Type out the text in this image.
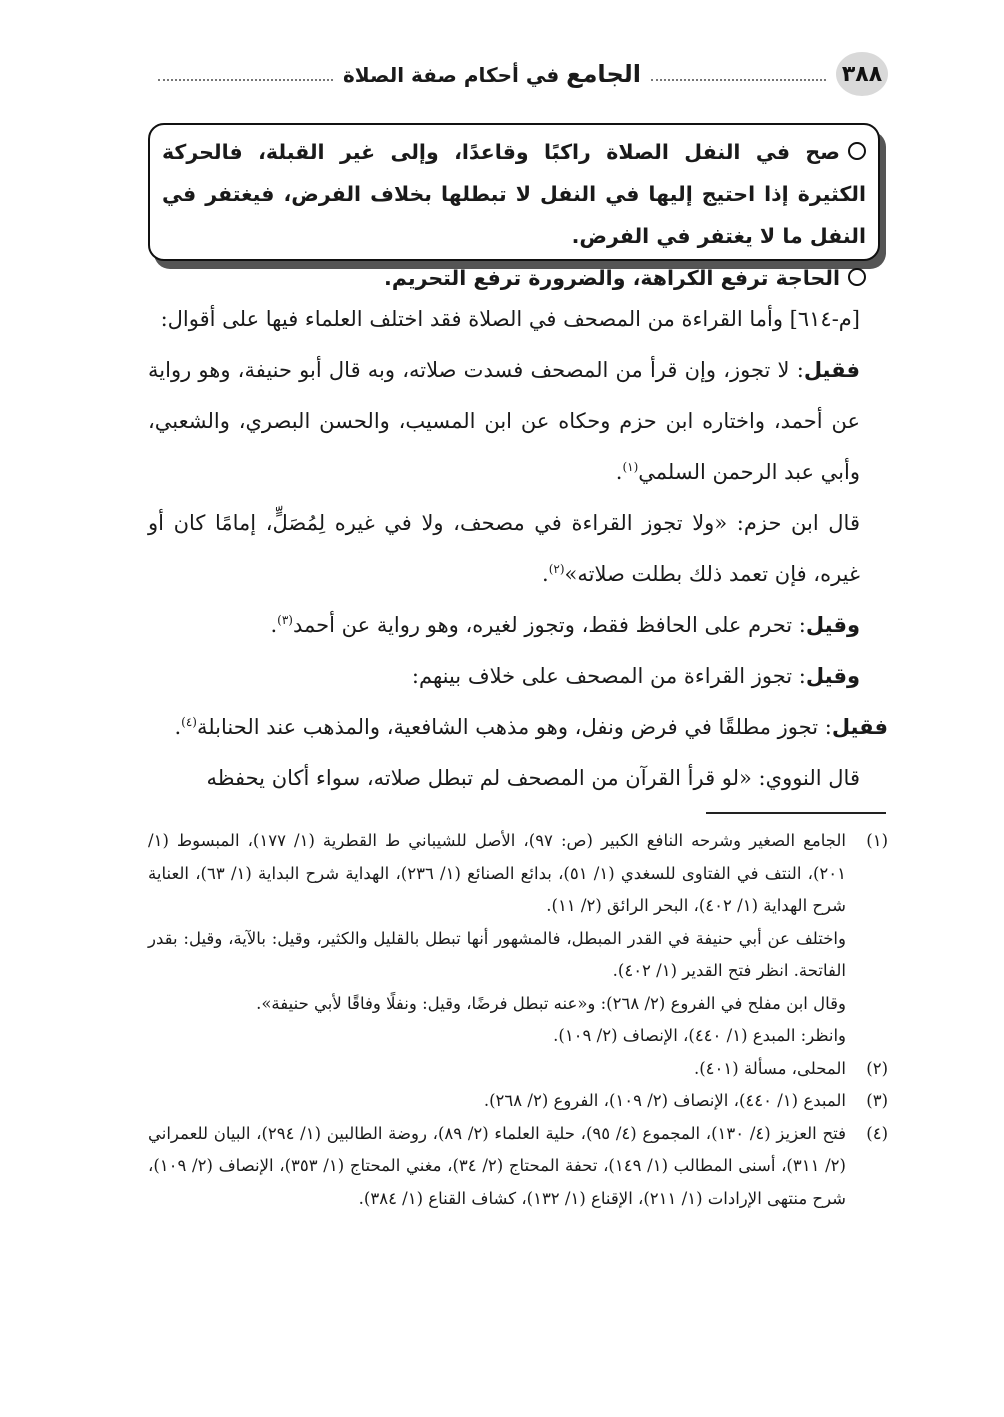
٣٨٨
الجامع في أحكام صفة الصلاة

صح في النفل الصلاة راكبًا وقاعدًا، وإلى غير القبلة، فالحركة الكثيرة إذا احتيج إليها في النفل لا تبطلها بخلاف الفرض، فيغتفر في النفل ما لا يغتفر في الفرض.

الحاجة ترفع الكراهة، والضرورة ترفع التحريم.

[م-٦١٤] وأما القراءة من المصحف في الصلاة فقد اختلف العلماء فيها على أقوال:

فقيل: لا تجوز، وإن قرأ من المصحف فسدت صلاته، وبه قال أبو حنيفة، وهو رواية عن أحمد، واختاره ابن حزم وحكاه عن ابن المسيب، والحسن البصري، والشعبي، وأبي عبد الرحمن السلمي$^{(١)}$.

قال ابن حزم: «ولا تجوز القراءة في مصحف، ولا في غيره لِمُصَلٍّ، إمامًا كان أو غيره، فإن تعمد ذلك بطلت صلاته»$^{(٢)}$.

وقيل: تحرم على الحافظ فقط، وتجوز لغيره، وهو رواية عن أحمد$^{(٣)}$.

وقيل: تجوز القراءة من المصحف على خلاف بينهم:

فقيل: تجوز مطلقًا في فرض ونفل، وهو مذهب الشافعية، والمذهب عند الحنابلة$^{(٤)}$.

قال النووي: «لو قرأ القرآن من المصحف لم تبطل صلاته، سواء أكان يحفظه

(١)

الجامع الصغير وشرحه النافع الكبير (ص: ٩٧)، الأصل للشيباني ط القطرية (١/ ١٧٧)، المبسوط (١/ ٢٠١)، النتف في الفتاوى للسغدي (١/ ٥١)، بدائع الصنائع (١/ ٢٣٦)، الهداية شرح البداية (١/ ٦٣)، العناية شرح الهداية (١/ ٤٠٢)، البحر الرائق (٢/ ١١).

واختلف عن أبي حنيفة في القدر المبطل، فالمشهور أنها تبطل بالقليل والكثير، وقيل: بالآية، وقيل: بقدر الفاتحة. انظر فتح القدير (١/ ٤٠٢).

وقال ابن مفلح في الفروع (٢/ ٢٦٨): و«عنه تبطل فرضًا، وقيل: ونفلًا وفاقًا لأبي حنيفة».

وانظر: المبدع (١/ ٤٤٠)، الإنصاف (٢/ ١٠٩).

(٢)

المحلى، مسألة (٤٠١).

(٣)

المبدع (١/ ٤٤٠)، الإنصاف (٢/ ١٠٩)، الفروع (٢/ ٢٦٨).

(٤)

فتح العزيز (٤/ ١٣٠)، المجموع (٤/ ٩٥)، حلية العلماء (٢/ ٨٩)، روضة الطالبين (١/ ٢٩٤)، البيان للعمراني (٢/ ٣١١)، أسنى المطالب (١/ ١٤٩)، تحفة المحتاج (٢/ ٣٤)، مغني المحتاج (١/ ٣٥٣)، الإنصاف (٢/ ١٠٩)، شرح منتهى الإرادات (١/ ٢١١)، الإقناع (١/ ١٣٢)، كشاف القناع (١/ ٣٨٤).
